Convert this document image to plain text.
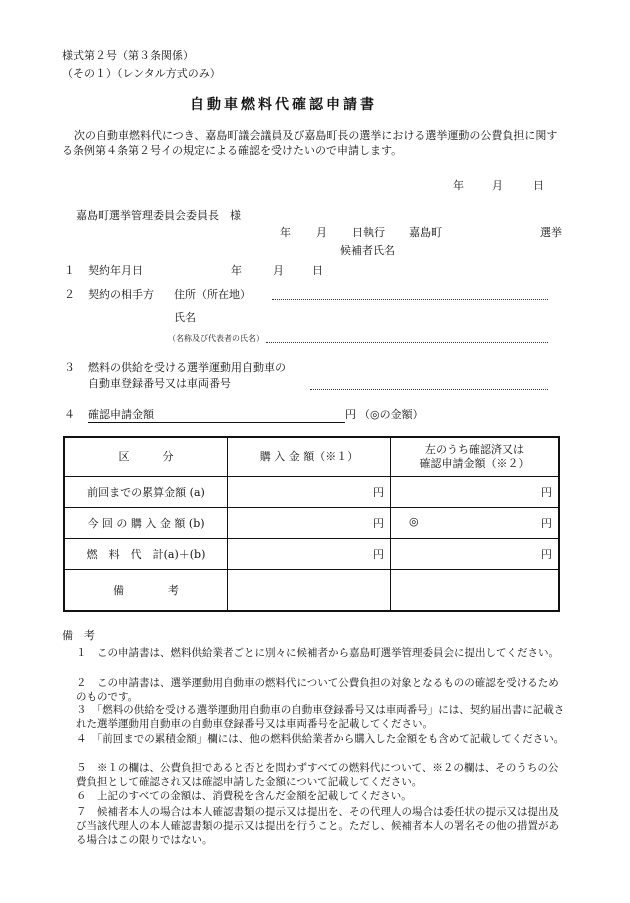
様式第２号（第３条関係）
（その１）（レンタル方式のみ）
自動車燃料代確認申請書
次の自動車燃料代につき、嘉島町議会議員及び嘉島町長の選挙における選挙運動の公費負担に関する条例第４条第２号イの規定による確認を受けたいので申請します。
年	月	日
嘉島町選挙管理委員会委員長　様
年 月 日執行 嘉島町	選挙
候補者氏名
１ 契約年月日	年	月	日
２ 契約の相手方 住所（所在地）
氏名
（名称及び代表者の氏名）
３ 燃料の供給を受ける選挙運動用自動車の
自動車登録番号又は車両番号
４ 確認申請金額	円 （◎の金額）
区　　　分	購 入 金 額（※１）	左のうち確認済又は
確認申請金額（※２）

前回までの累算金額 (a)	円	円
今 回 の 購 入 金 額 (b)	円	◎ 円
燃　料　代　計(a)＋(b)	円	円
備　　　　考		
備　考
１　この申請書は、燃料供給業者ごとに別々に候補者から嘉島町選挙管理委員会に提出してください。
２　この申請書は、選挙運動用自動車の燃料代について公費負担の対象となるものの確認を受けるためのものです。
３　「燃料の供給を受ける選挙運動用自動車の自動車登録番号又は車両番号」には、契約届出書に記載された選挙運動用自動車の自動車登録番号又は車両番号を記載してください。
４　「前回までの累積金額」欄には、他の燃料供給業者から購入した金額をも含めて記載してください。
５　※１の欄は、公費負担であると否とを問わずすべての燃料代について、※２の欄は、そのうちの公費負担として確認され又は確認申請した金額について記載してください。
６　上記のすべての金額は、消費税を含んだ金額を記載してください。
７　候補者本人の場合は本人確認書類の提示又は提出を、その代理人の場合は委任状の提示又は提出及び当該代理人の本人確認書類の提示又は提出を行うこと。ただし、候補者本人の署名その他の措置がある場合はこの限りではない。
